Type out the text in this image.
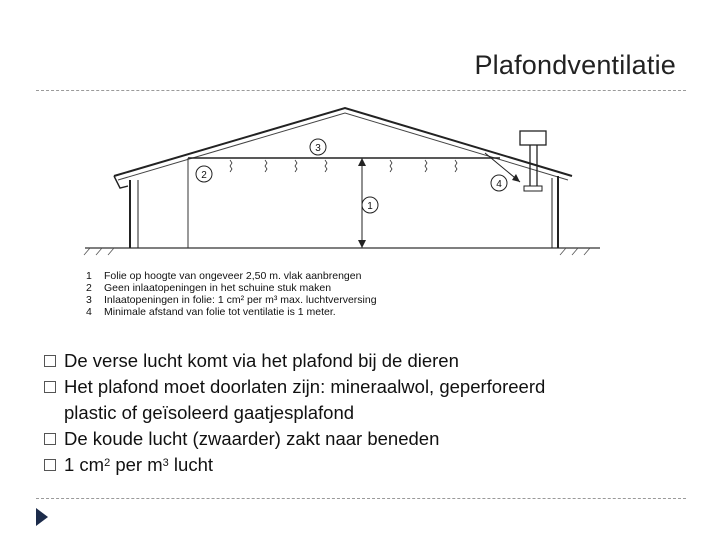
Plafondventilatie
1
2
3
4
1 Folie op hoogte van ongeveer 2,50 m. vlak aanbrengen
2 Geen inlaatopeningen in het schuine stuk maken
3 Inlaatopeningen in folie: 1 cm² per m³ max. luchtverversing
4 Minimale afstand van folie tot ventilatie is 1 meter.
De verse lucht komt via het plafond bij de dieren
Het plafond moet doorlaten zijn: mineraalwol, geperforeerd
plastic of geïsoleerd gaatjesplafond
De koude lucht (zwaarder) zakt naar beneden
1 $cm^2$ per $m^3$ lucht
